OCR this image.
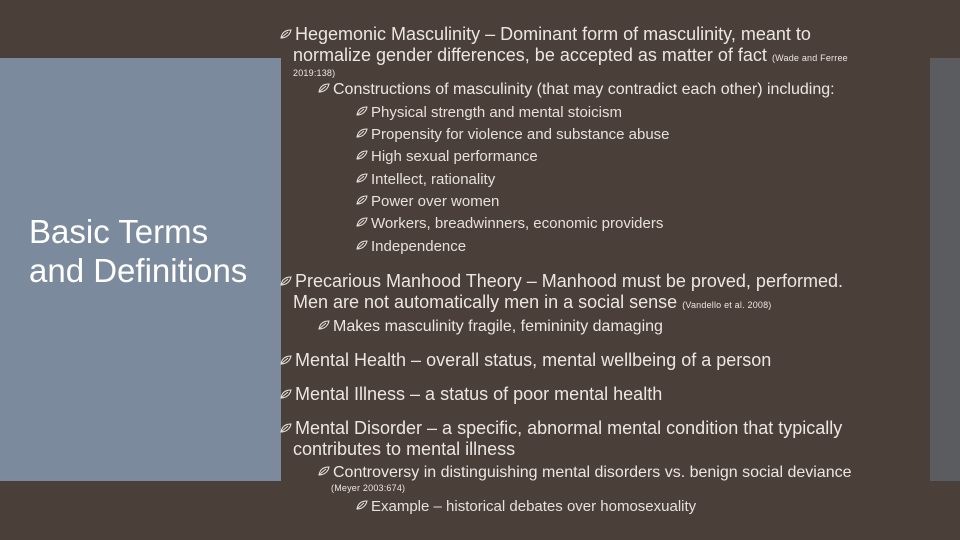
Basic Terms and Definitions
Hegemonic Masculinity – Dominant form of masculinity, meant to
normalize gender differences, be accepted as matter of fact (Wade and Ferree
2019:138)
Constructions of masculinity (that may contradict each other) including:
Physical strength and mental stoicism
Propensity for violence and substance abuse
High sexual performance
Intellect, rationality
Power over women
Workers, breadwinners, economic providers
Independence
Precarious Manhood Theory – Manhood must be proved, performed.
Men are not automatically men in a social sense (Vandello et al. 2008)
Makes masculinity fragile, femininity damaging
Mental Health – overall status, mental wellbeing of a person
Mental Illness – a status of poor mental health
Mental Disorder – a specific, abnormal mental condition that typically
contributes to mental illness
Controversy in distinguishing mental disorders vs. benign social deviance
(Meyer 2003:674)
Example – historical debates over homosexuality
